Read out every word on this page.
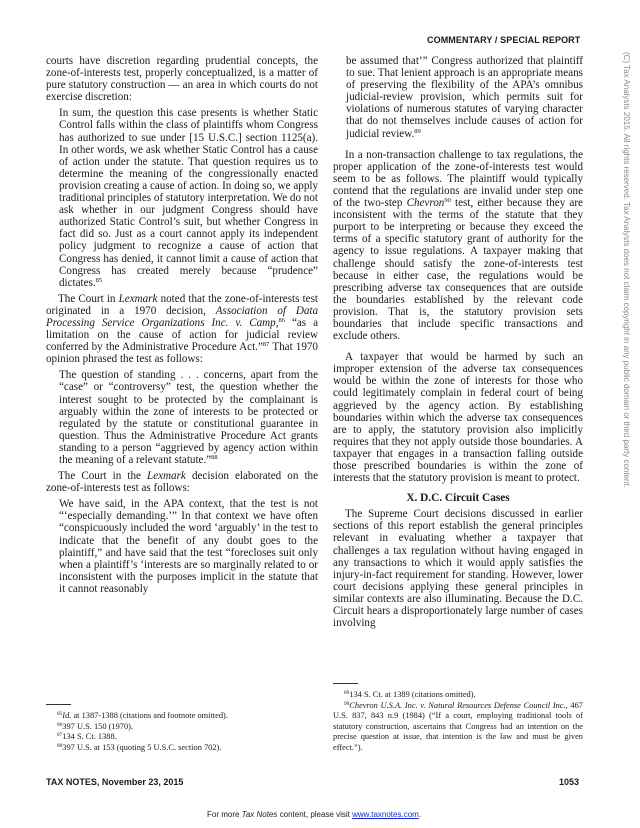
COMMENTARY / SPECIAL REPORT

courts have discretion regarding prudential concepts, the zone-of-interests test, properly conceptualized, is a matter of pure statutory construction — an area in which courts do not exercise discretion:

In sum, the question this case presents is whether Static Control falls within the class of plaintiffs whom Congress has authorized to sue under [15 U.S.C.] section 1125(a). In other words, we ask whether Static Control has a cause of action under the statute. That question requires us to determine the meaning of the congressionally enacted provision creating a cause of action. In doing so, we apply traditional principles of statutory interpretation. We do not ask whether in our judgment Congress should have authorized Static Control’s suit, but whether Congress in fact did so. Just as a court cannot apply its independent policy judgment to recognize a cause of action that Congress has denied, it cannot limit a cause of action that Congress has created merely because “prudence” dictates.$^{85}$

The Court in Lexmark noted that the zone-of-interests test originated in a 1970 decision, Association of Data Processing Service Organizations Inc. v. Camp,$^{86}$ “as a limitation on the cause of action for judicial review conferred by the Administrative Procedure Act.”$^{87}$ That 1970 opinion phrased the test as follows:

The question of standing . . . concerns, apart from the “case” or “controversy” test, the question whether the interest sought to be protected by the complainant is arguably within the zone of interests to be protected or regulated by the statute or constitutional guarantee in question. Thus the Administrative Procedure Act grants standing to a person “aggrieved by agency action within the meaning of a relevant statute.”$^{88}$

The Court in the Lexmark decision elaborated on the zone-of-interests test as follows:

We have said, in the APA context, that the test is not “‘especially demanding.’” In that context we have often “conspicuously included the word ‘arguably’ in the test to indicate that the benefit of any doubt goes to the plaintiff,” and have said that the test “forecloses suit only when a plaintiff’s ‘interests are so marginally related to or inconsistent with the purposes implicit in the statute that it cannot reasonably

be assumed that’” Congress authorized that plaintiff to sue. That lenient approach is an appropriate means of preserving the flexibility of the APA’s omnibus judicial-review provision, which permits suit for violations of numerous statutes of varying character that do not themselves include causes of action for judicial review.$^{89}$

In a non-transaction challenge to tax regulations, the proper application of the zone-of-interests test would seem to be as follows. The plaintiff would typically contend that the regulations are invalid under step one of the two-step Chevron$^{90}$ test, either because they are inconsistent with the terms of the statute that they purport to be interpreting or because they exceed the terms of a specific statutory grant of authority for the agency to issue regulations. A taxpayer making that challenge should satisfy the zone-of-interests test because in either case, the regulations would be prescribing adverse tax consequences that are outside the boundaries established by the relevant code provision. That is, the statutory provision sets boundaries that include specific transactions and exclude others.

A taxpayer that would be harmed by such an improper extension of the adverse tax consequences would be within the zone of interests for those who could legitimately complain in federal court of being aggrieved by the agency action. By establishing boundaries within which the adverse tax consequences are to apply, the statutory provision also implicitly requires that they not apply outside those boundaries. A taxpayer that engages in a transaction falling outside those prescribed boundaries is within the zone of interests that the statutory provision is meant to protect.

X. D.C. Circuit Cases

The Supreme Court decisions discussed in earlier sections of this report establish the general principles relevant in evaluating whether a taxpayer that challenges a tax regulation without having engaged in any transactions to which it would apply satisfies the injury-in-fact requirement for standing. However, lower court decisions applying these general principles in similar contexts are also illuminating. Because the D.C. Circuit hears a disproportionately large number of cases involving

$^{85}$Id. at 1387-1388 (citations and footnote omitted).

$^{86}$397 U.S. 150 (1970).

$^{87}$134 S. Ct. 1388.

$^{88}$397 U.S. at 153 (quoting 5 U.S.C. section 702).

$^{89}$134 S. Ct. at 1389 (citations omitted).

$^{90}$Chevron U.S.A. Inc. v. Natural Resources Defense Council Inc., 467 U.S. 837, 843 n.9 (1984) (“If a court, employing traditional tools of statutory construction, ascertains that Congress had an intention on the precise question at issue, that intention is the law and must be given effect.”).

TAX NOTES, November 23, 2015	1053
For more Tax Notes content, please visit www.taxnotes.com.
(C) Tax Analysts 2015. All rights reserved. Tax Analysts does not claim copyright in any public domain or third party content.
